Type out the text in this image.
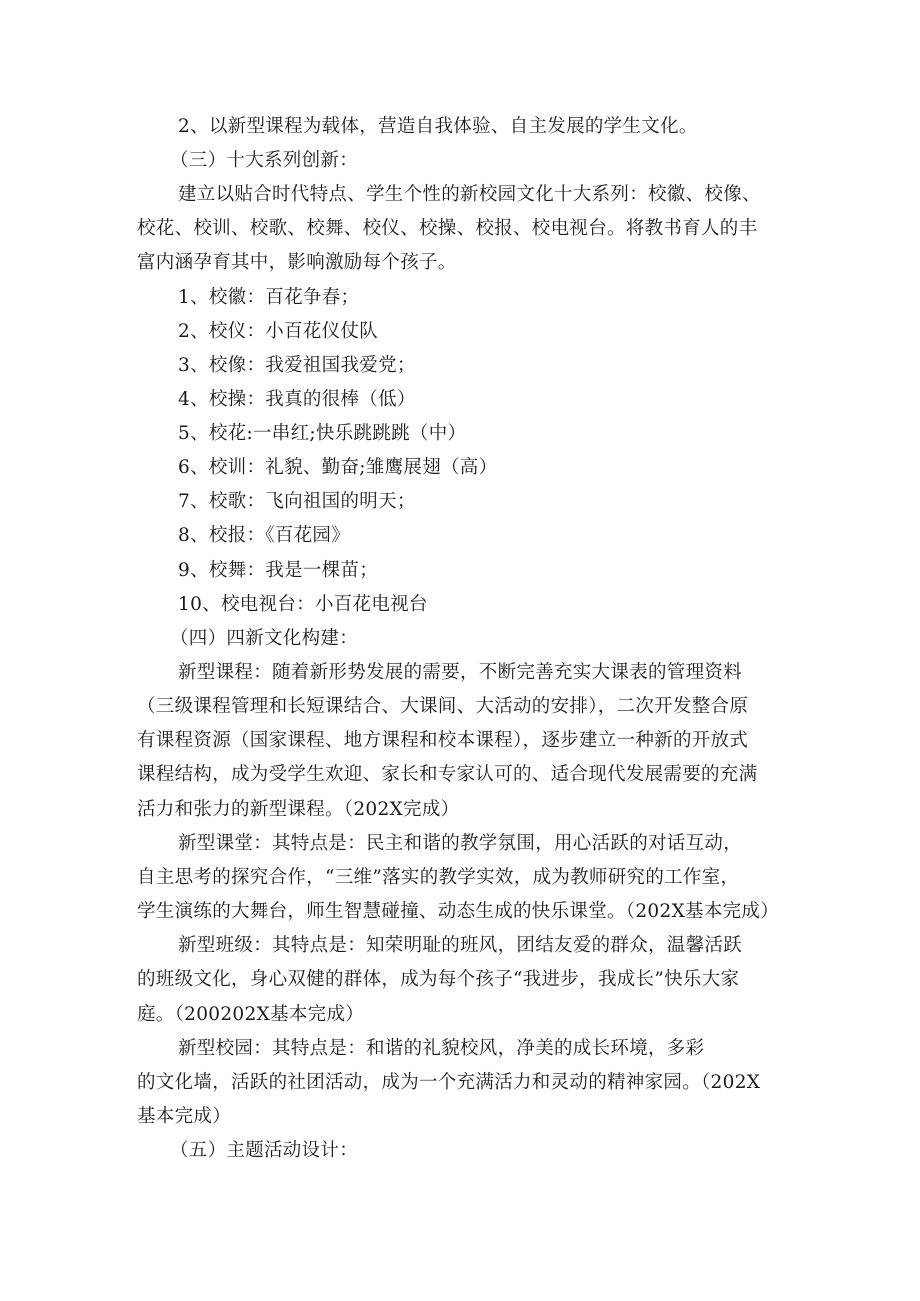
2、以新型课程为载体，营造自我体验、自主发展的学生文化。
（三）十大系列创新：
建立以贴合时代特点、学生个性的新校园文化十大系列：校徽、校像、
校花、校训、校歌、校舞、校仪、校操、校报、校电视台。将教书育人的丰
富内涵孕育其中，影响激励每个孩子。
1、校徽：百花争春；
2、校仪：小百花仪仗队
3、校像：我爱祖国我爱党；
4、校操：我真的很棒（低）
5、校花:一串红;快乐跳跳跳（中）
6、校训：礼貌、勤奋;雏鹰展翅（高）
7、校歌：飞向祖国的明天；
8、校报：《百花园》
9、校舞：我是一棵苗；
10、校电视台：小百花电视台
（四）四新文化构建：
新型课程：随着新形势发展的需要，不断完善充实大课表的管理资料
（三级课程管理和长短课结合、大课间、大活动的安排），二次开发整合原
有课程资源（国家课程、地方课程和校本课程），逐步建立一种新的开放式
课程结构，成为受学生欢迎、家长和专家认可的、适合现代发展需要的充满
活力和张力的新型课程。（202X完成）
新型课堂：其特点是：民主和谐的教学氛围，用心活跃的对话互动，
自主思考的探究合作，“三维”落实的教学实效，成为教师研究的工作室，
学生演练的大舞台，师生智慧碰撞、动态生成的快乐课堂。（202X基本完成）
新型班级：其特点是：知荣明耻的班风，团结友爱的群众，温馨活跃
的班级文化，身心双健的群体，成为每个孩子“我进步，我成长”快乐大家
庭。（200202X基本完成）
新型校园：其特点是：和谐的礼貌校风，净美的成长环境，多彩
的文化墙，活跃的社团活动，成为一个充满活力和灵动的精神家园。（202X
基本完成）
（五）主题活动设计：
